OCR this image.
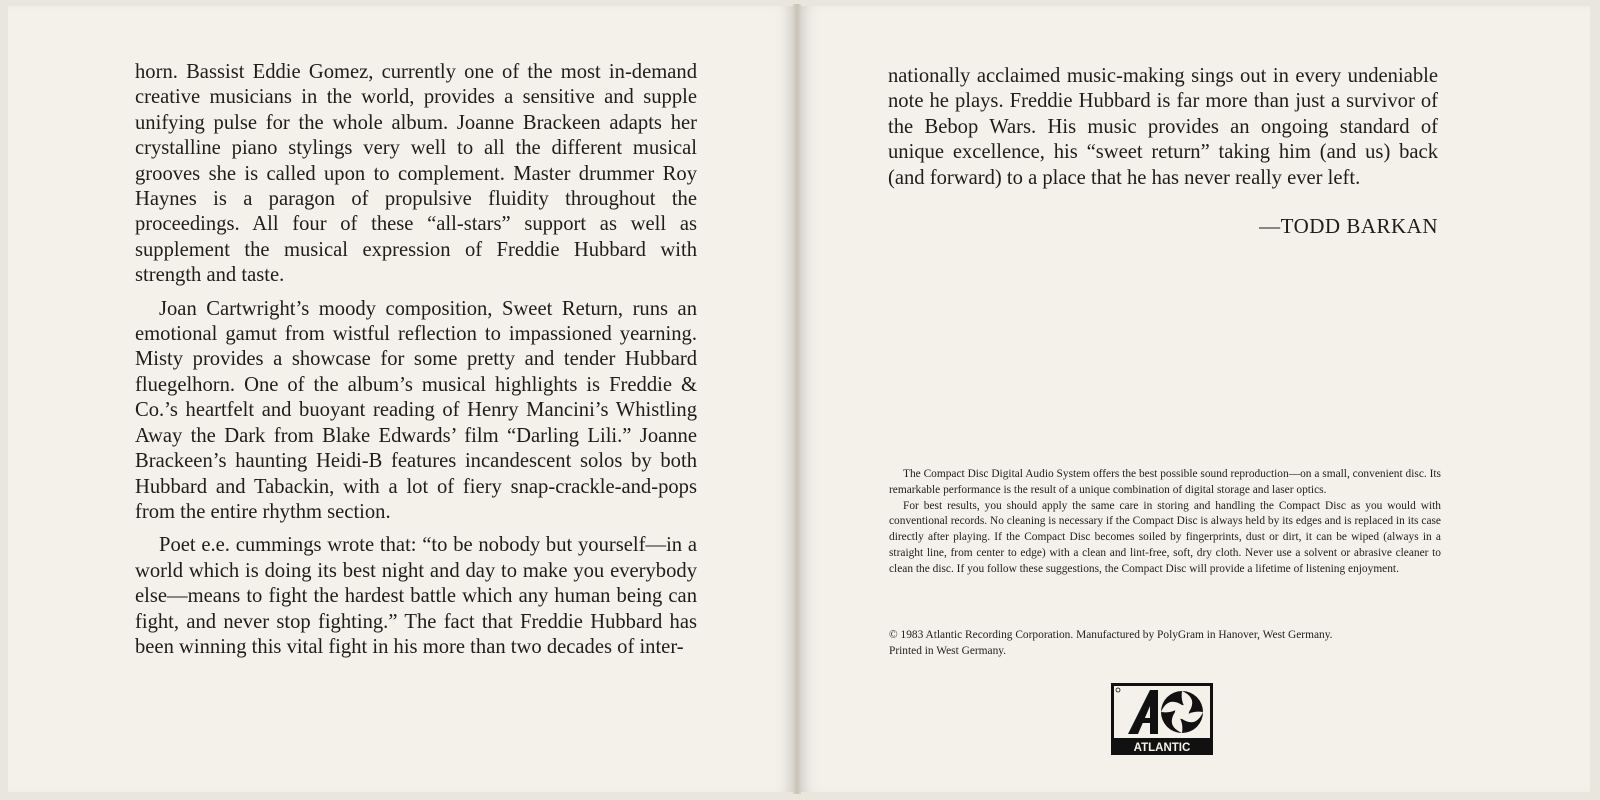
horn. Bassist Eddie Gomez, currently one of the most in-demand creative musicians in the world, provides a sensitive and supple unifying pulse for the whole album. Joanne Brackeen adapts her crystalline piano stylings very well to all the different musical grooves she is called upon to complement. Master drummer Roy Haynes is a paragon of propulsive fluidity throughout the proceedings. All four of these “all-stars” support as well as supplement the musical expression of Freddie Hubbard with strength and taste.

Joan Cartwright’s moody composition, Sweet Return, runs an emotional gamut from wistful reflection to impassioned yearning. Misty provides a showcase for some pretty and tender Hubbard fluegelhorn. One of the album’s musical highlights is Freddie & Co.’s heartfelt and buoyant reading of Henry Mancini’s Whistling Away the Dark from Blake Edwards’ film “Darling Lili.” Joanne Brackeen’s haunting Heidi-B features incandescent solos by both Hubbard and Tabackin, with a lot of fiery snap-crackle-and-pops from the entire rhythm section.

Poet e.e. cummings wrote that: “to be nobody but yourself—in a world which is doing its best night and day to make you everybody else—means to fight the hardest battle which any human being can fight, and never stop fighting.” The fact that Freddie Hubbard has been winning this vital fight in his more than two decades of inter-

nationally acclaimed music-making sings out in every undeniable note he plays. Freddie Hubbard is far more than just a survivor of the Bebop Wars. His music provides an ongoing standard of unique excellence, his “sweet return” taking him (and us) back (and forward) to a place that he has never really ever left.

—TODD BARKAN

The Compact Disc Digital Audio System offers the best possible sound reproduction—on a small, convenient disc. Its remarkable performance is the result of a unique combination of digital storage and laser optics.

For best results, you should apply the same care in storing and handling the Compact Disc as you would with conventional records. No cleaning is necessary if the Compact Disc is always held by its edges and is replaced in its case directly after playing. If the Compact Disc becomes soiled by fingerprints, dust or dirt, it can be wiped (always in a straight line, from center to edge) with a clean and lint-free, soft, dry cloth. Never use a solvent or abrasive cleaner to clean the disc. If you follow these suggestions, the Compact Disc will provide a lifetime of listening enjoyment.

© 1983 Atlantic Recording Corporation. Manufactured by PolyGram in Hanover, West Germany.

Printed in West Germany.

ATLANTIC
